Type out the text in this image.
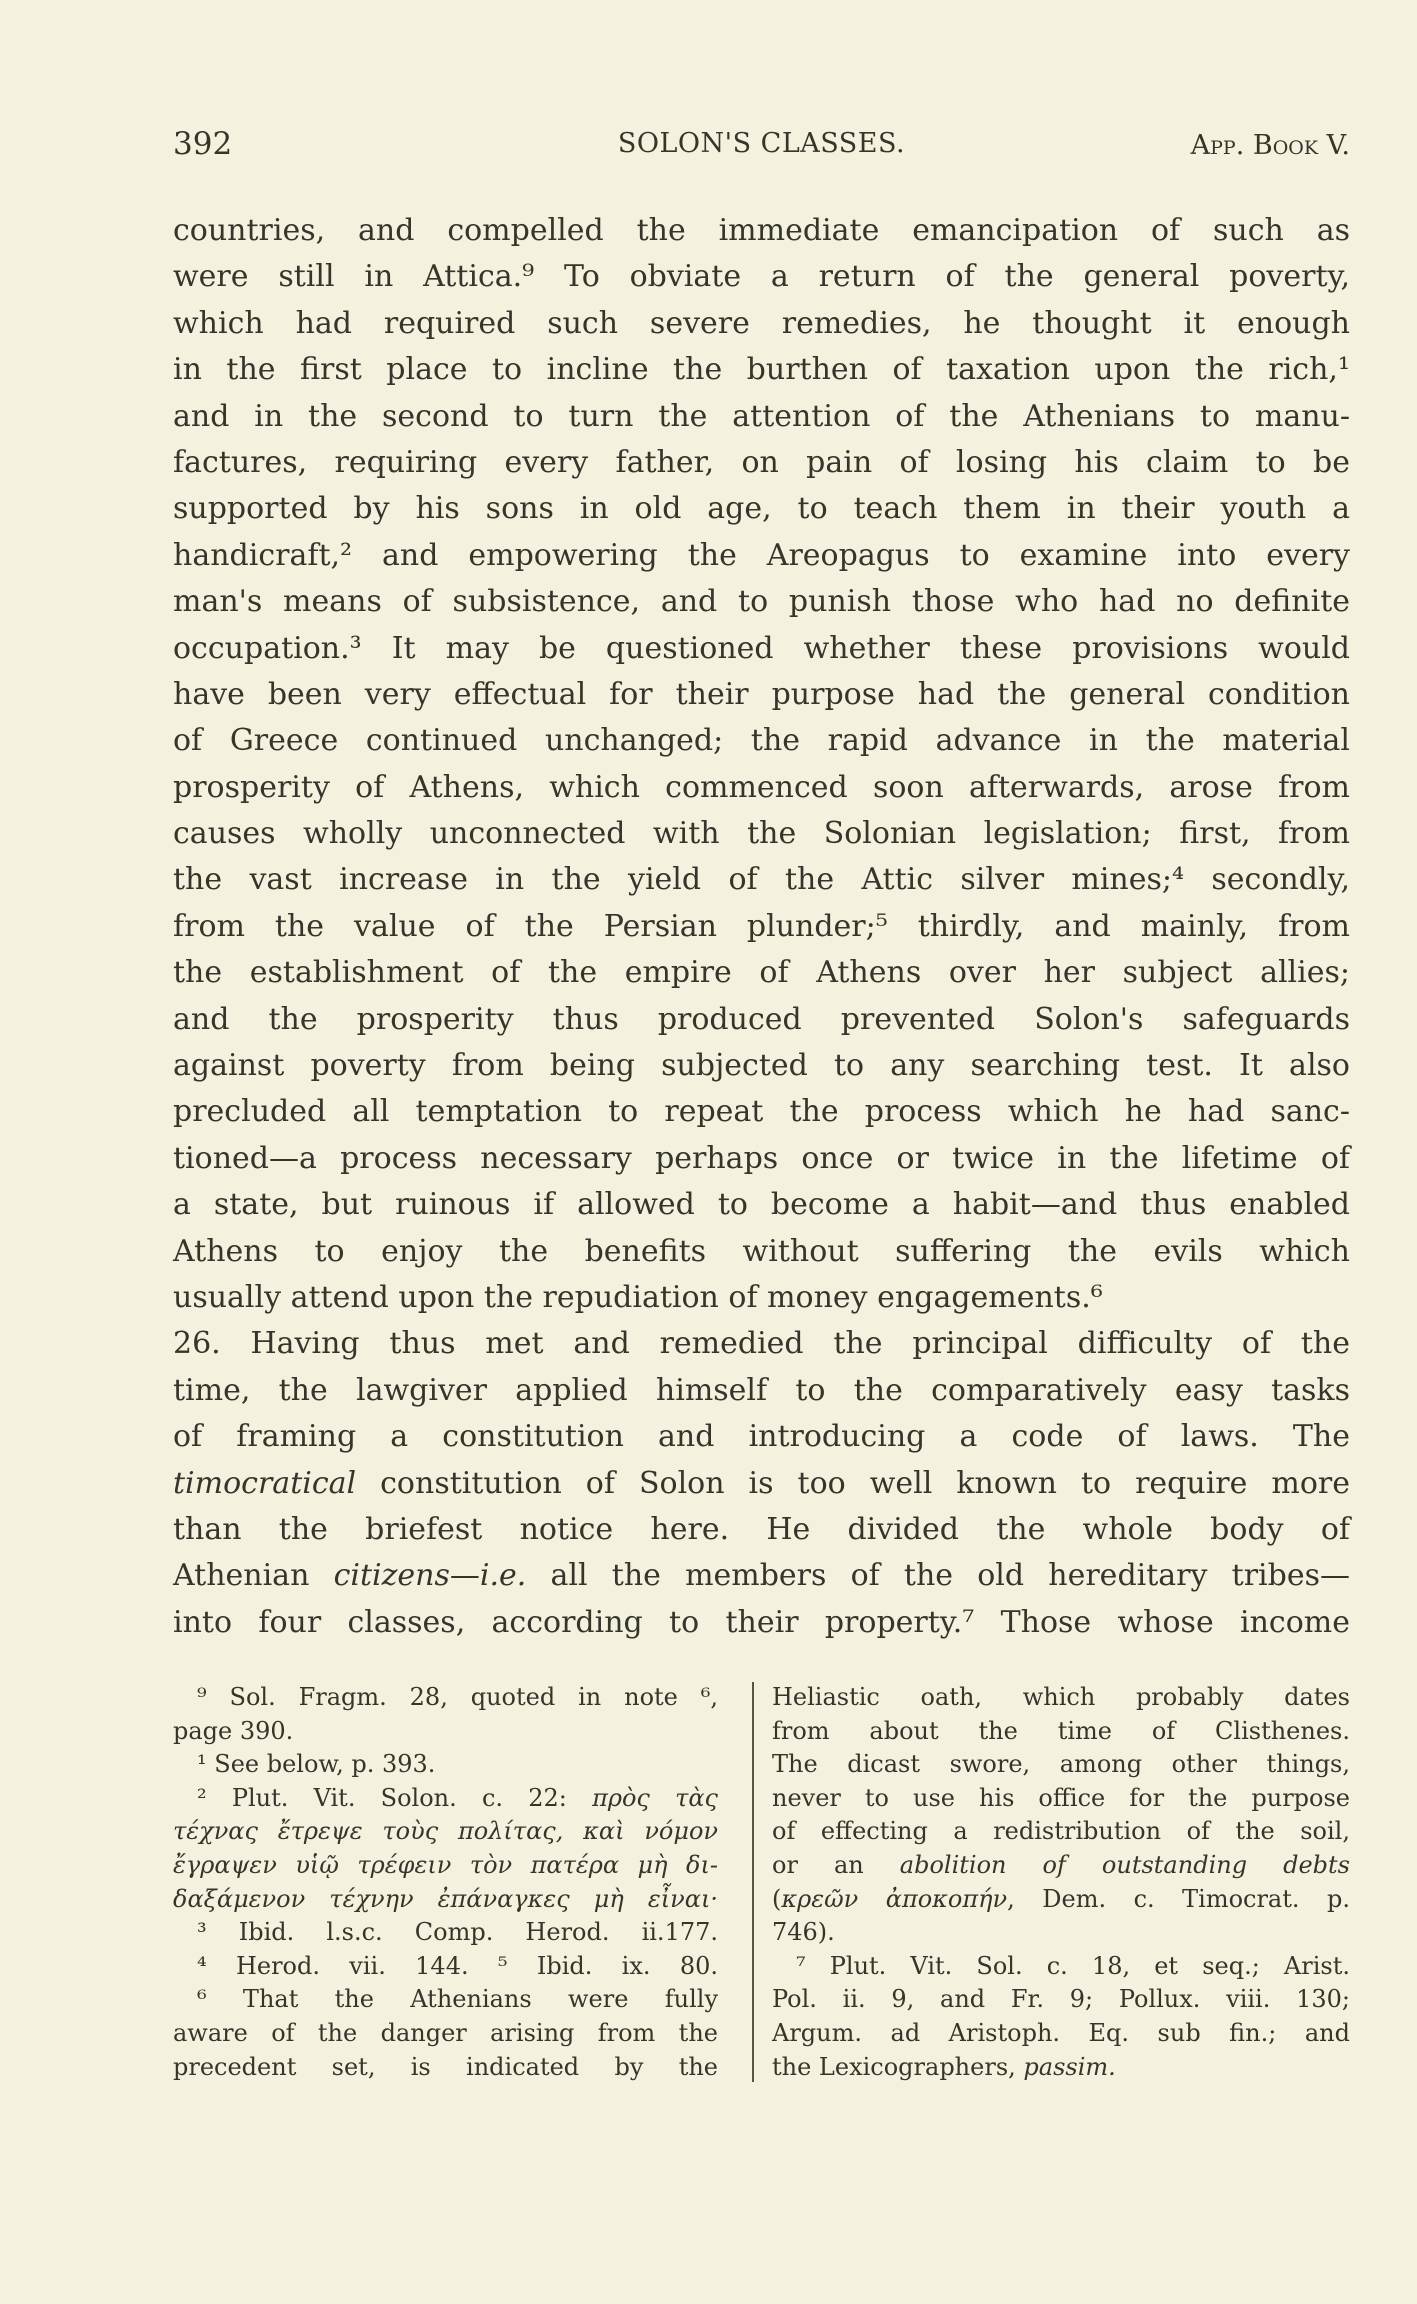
392	SOLON'S CLASSES.	App. Book V.
countries, and compelled the immediate emancipation of such as
were still in Attica.⁹ To obviate a return of the general poverty,
which had required such severe remedies, he thought it enough
in the first place to incline the burthen of taxation upon the rich,¹
and in the second to turn the attention of the Athenians to manu-
factures, requiring every father, on pain of losing his claim to be
supported by his sons in old age, to teach them in their youth a
handicraft,² and empowering the Areopagus to examine into every
man's means of subsistence, and to punish those who had no definite
occupation.³ It may be questioned whether these provisions would
have been very effectual for their purpose had the general condition
of Greece continued unchanged; the rapid advance in the material
prosperity of Athens, which commenced soon afterwards, arose from
causes wholly unconnected with the Solonian legislation; first, from
the vast increase in the yield of the Attic silver mines;⁴ secondly,
from the value of the Persian plunder;⁵ thirdly, and mainly, from
the establishment of the empire of Athens over her subject allies;
and the prosperity thus produced prevented Solon's safeguards
against poverty from being subjected to any searching test. It also
precluded all temptation to repeat the process which he had sanc-
tioned—a process necessary perhaps once or twice in the lifetime of
a state, but ruinous if allowed to become a habit—and thus enabled
Athens to enjoy the benefits without suffering the evils which
usually attend upon the repudiation of money engagements.⁶
26. Having thus met and remedied the principal difficulty of the
time, the lawgiver applied himself to the comparatively easy tasks
of framing a constitution and introducing a code of laws. The
timocratical constitution of Solon is too well known to require more
than the briefest notice here. He divided the whole body of
Athenian citizens—i.e. all the members of the old hereditary tribes—
into four classes, according to their property.⁷ Those whose income
⁹ Sol. Fragm. 28, quoted in note ⁶,
page 390.
¹ See below, p. 393.
² Plut. Vit. Solon. c. 22: πρὸς τὰς
τέχνας ἔτρεψε τοὺς πολίτας, καὶ νόμον
ἔγραψεν υἱῷ τρέφειν τὸν πατέρα μὴ δι-
δαξάμενον τέχνην ἐπάναγκες μὴ εἶναι·
³ Ibid. l.s.c. Comp. Herod. ii.177.
⁴ Herod. vii. 144. ⁵ Ibid. ix. 80.
⁶ That the Athenians were fully
aware of the danger arising from the
precedent set, is indicated by the
Heliastic oath, which probably dates
from about the time of Clisthenes.
The dicast swore, among other things,
never to use his office for the purpose
of effecting a redistribution of the soil,
or an abolition of outstanding debts
(κρεῶν ἀποκοπήν, Dem. c. Timocrat. p.
746).
⁷ Plut. Vit. Sol. c. 18, et seq.; Arist.
Pol. ii. 9, and Fr. 9; Pollux. viii. 130;
Argum. ad Aristoph. Eq. sub fin.; and
the Lexicographers, passim.
